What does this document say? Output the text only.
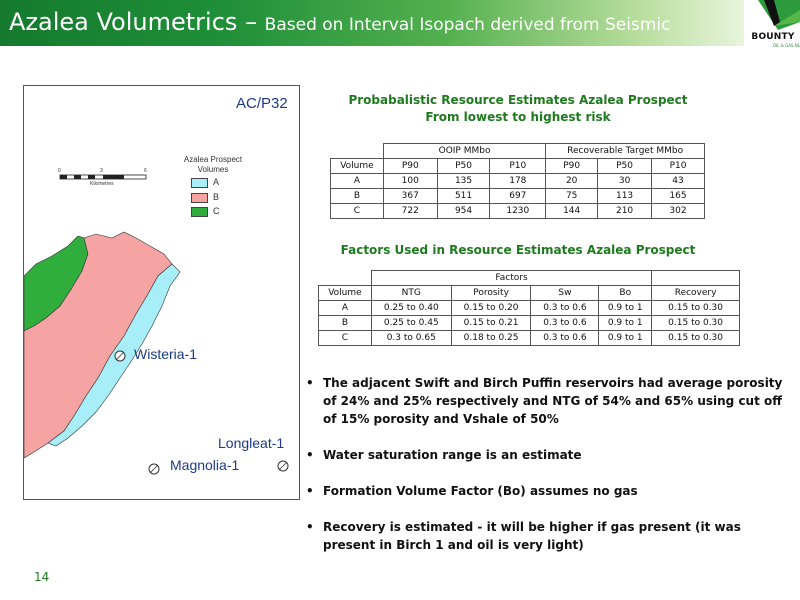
Azalea Volumetrics – Based on Interval Isopach derived from Seismic
BOUNTY
OIL & GAS NL
0	3	6
Kilometres
AC/P32
Azalea Prospect Volumes
A
B
C
Wisteria-1
Longleat-1
Magnolia-1
Probabalistic Resource Estimates Azalea Prospect
From lowest to highest risk
	OOIP MMbo			Recoverable Target MMbo		
Volume	P90	P50	P10	P90	P50	P10
A	100	135	178	20	30	43
B	367	511	697	75	113	165
C	722	954	1230	144	210	302
Factors Used in Resource Estimates Azalea Prospect
	Factors				
Volume	NTG	Porosity	Sw	Bo	Recovery
A	0.25 to 0.40	0.15 to 0.20	0.3 to 0.6	0.9 to 1	0.15 to 0.30
B	0.25 to 0.45	0.15 to 0.21	0.3 to 0.6	0.9 to 1	0.15 to 0.30
C	0.3 to 0.65	0.18 to 0.25	0.3 to 0.6	0.9 to 1	0.15 to 0.30
• The adjacent Swift and Birch Puffin reservoirs had average porosity of 24% and 25% respectively and NTG of 54% and 65% using cut off of 15% porosity and Vshale of 50%
• Water saturation range is an estimate
• Formation Volume Factor (Bo) assumes no gas
• Recovery is estimated - it will be higher if gas present (it was present in Birch 1 and oil is very light)
14
